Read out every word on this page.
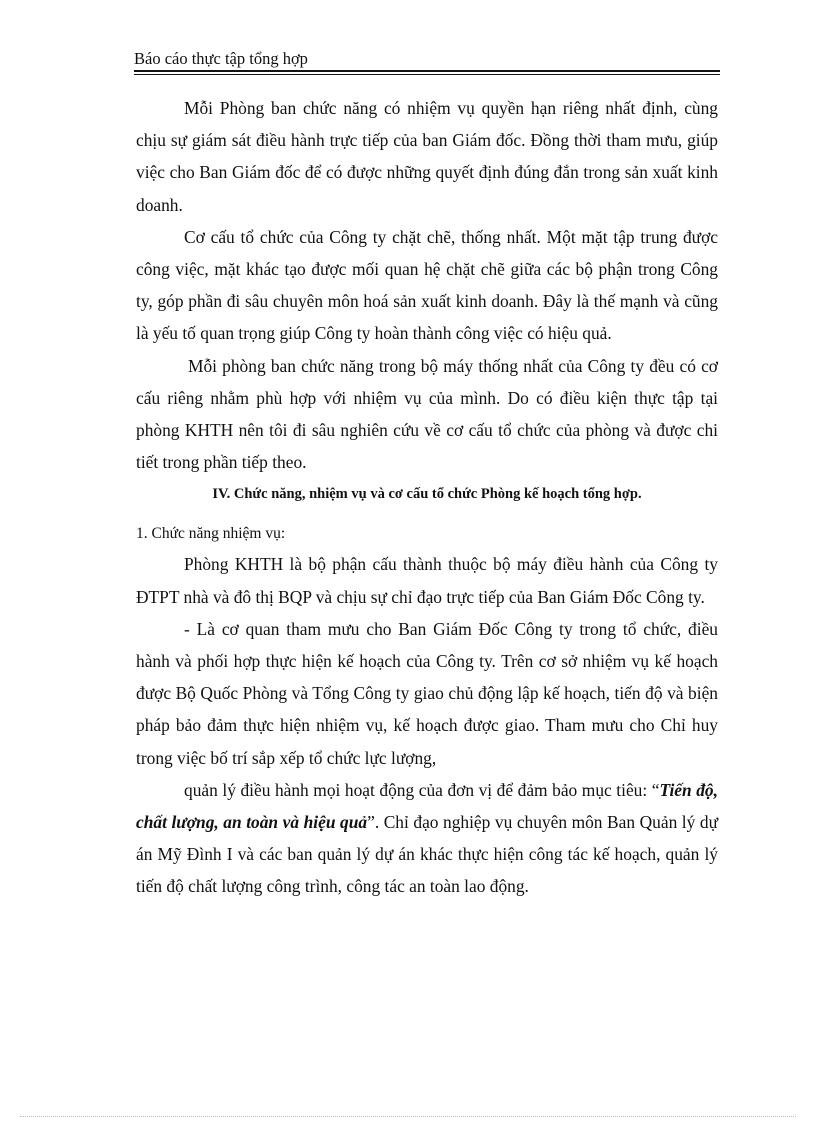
Báo cáo thực tập tổng hợp

Mỗi Phòng ban chức năng có nhiệm vụ quyền hạn riêng nhất định, cùng chịu sự giám sát điều hành trực tiếp của ban Giám đốc. Đồng thời tham mưu, giúp việc cho Ban Giám đốc để có được những quyết định đúng đắn trong sản xuất kinh doanh.

Cơ cấu tổ chức của Công ty chặt chẽ, thống nhất. Một mặt tập trung được công việc, mặt khác tạo được mối quan hệ chặt chẽ giữa các bộ phận trong Công ty, góp phần đi sâu chuyên môn hoá sản xuất kinh doanh. Đây là thế mạnh và cũng là yếu tố quan trọng giúp Công ty hoàn thành công việc có hiệu quả.

Mỗi phòng ban chức năng trong bộ máy thống nhất của Công ty đều có cơ cấu riêng nhằm phù hợp với nhiệm vụ của mình. Do có điều kiện thực tập tại phòng KHTH nên tôi đi sâu nghiên cứu về cơ cấu tổ chức của phòng và được chi tiết trong phần tiếp theo.

IV. Chức năng, nhiệm vụ và cơ cấu tổ chức Phòng kế hoạch tổng hợp.

1. Chức năng nhiệm vụ:

Phòng KHTH là bộ phận cấu thành thuộc bộ máy điều hành của Công ty ĐTPT nhà và đô thị BQP và chịu sự chỉ đạo trực tiếp của Ban Giám Đốc Công ty.

- Là cơ quan tham mưu cho Ban Giám Đốc Công ty trong tổ chức, điều hành và phối hợp thực hiện kế hoạch của Công ty. Trên cơ sở nhiệm vụ kế hoạch được Bộ Quốc Phòng và Tổng Công ty giao chủ động lập kế hoạch, tiến độ và biện pháp bảo đảm thực hiện nhiệm vụ, kế hoạch được giao. Tham mưu cho Chỉ huy trong việc bố trí sắp xếp tổ chức lực lượng,

quản lý điều hành mọi hoạt động của đơn vị để đảm bảo mục tiêu: “Tiến độ, chất lượng, an toàn và hiệu quả”. Chỉ đạo nghiệp vụ chuyên môn Ban Quản lý dự án Mỹ Đình I và các ban quản lý dự án khác thực hiện công tác kế hoạch, quản lý tiến độ chất lượng công trình, công tác an toàn lao động.
